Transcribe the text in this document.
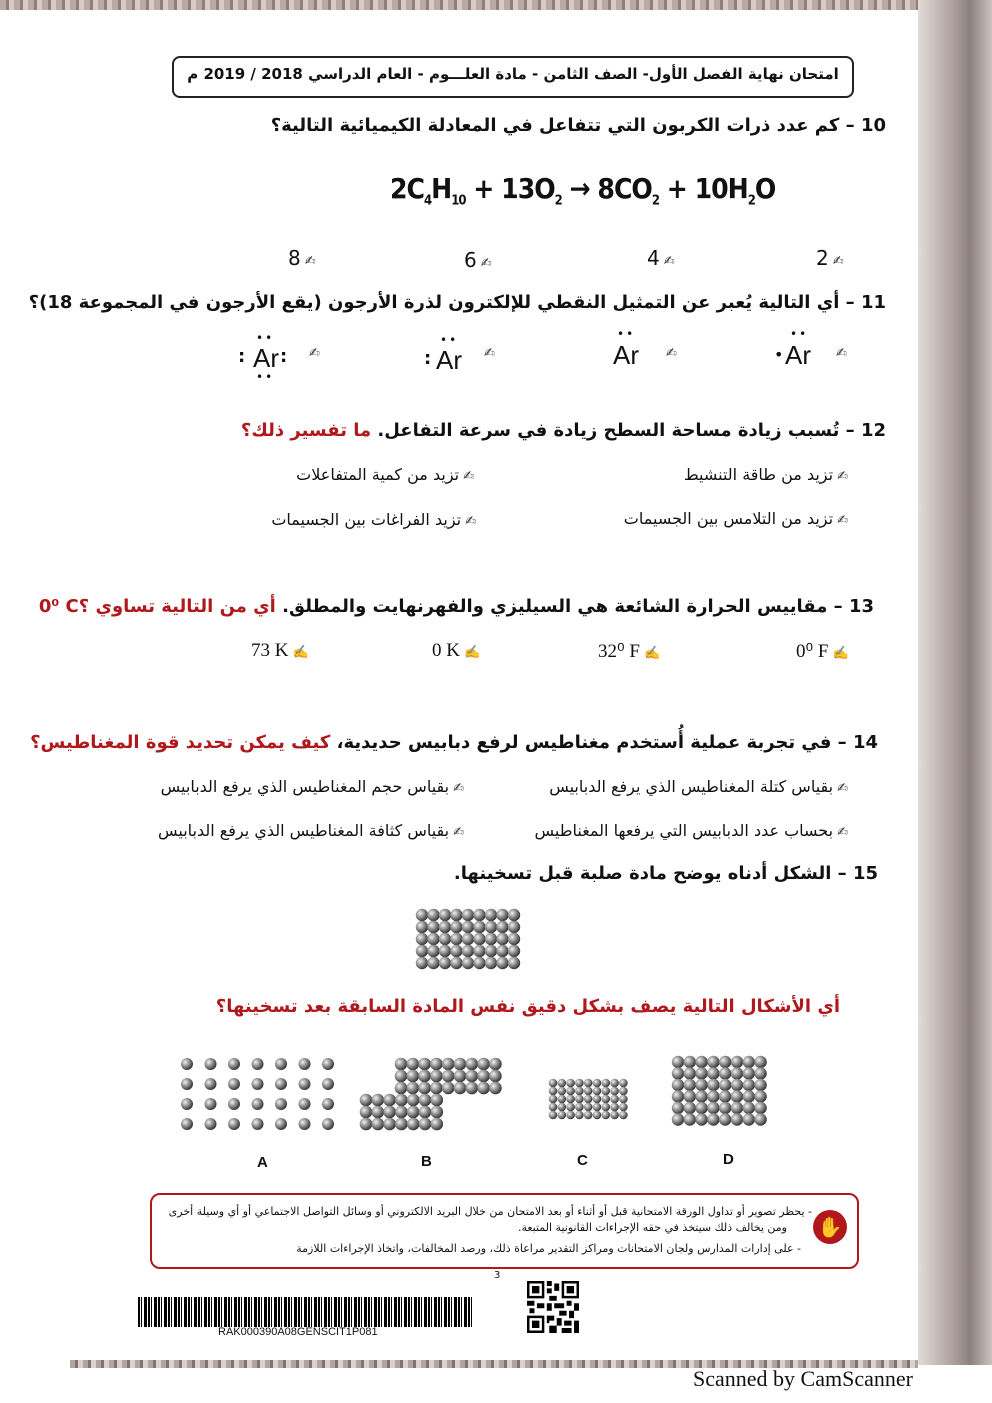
امتحان نهاية الفصل الأول- الصف الثامن - مادة العلـــوم - العام الدراسي 2018 / 2019 م
10 – كم عدد ذرات الكربون التي تتفاعل في المعادلة الكيميائية التالية؟
$2C_4H_{10} + 13O_2 \to 8CO_2 + 10H_2O$
✍2
✍4
✍6
✍8
11 – أي التالية يُعبر عن التمثيل النقطي للإلكترون لذرة الأرجون (يقع الأرجون في المجموعة 18)؟
Ar
•
••
✍
Ar
••
✍
Ar
:
••
✍
Ar
: :
••
••
✍
12 – تُسبب زيادة مساحة السطح زيادة في سرعة التفاعل. ما تفسير ذلك؟
✍تزيد من طاقة التنشيط
✍تزيد من كمية المتفاعلات
✍تزيد من التلامس بين الجسيمات
✍تزيد الفراغات بين الجسيمات
13 – مقاييس الحرارة الشائعة هي السيليزي والفهرنهايت والمطلق. أي من التالية تساوي 0⁰ C؟
0⁰ F ✍
32⁰ F ✍
0 K ✍
73 K ✍
14 – في تجربة عملية أُستخدم مغناطيس لرفع دبابيس حديدية، كيف يمكن تحديد قوة المغناطيس؟
✍بقياس كتلة المغناطيس الذي يرفع الدبابيس
✍بقياس حجم المغناطيس الذي يرفع الدبابيس
✍بحساب عدد الدبابيس التي يرفعها المغناطيس
✍بقياس كثافة المغناطيس الذي يرفع الدبابيس
15 – الشكل أدناه يوضح مادة صلبة قبل تسخينها.
أي الأشكال التالية يصف بشكل دقيق نفس المادة السابقة بعد تسخينها؟
A	B	C	D
- يحظر تصوير أو تداول الورقة الامتحانية قبل أو أثناء أو بعد الامتحان من خلال البريد الالكتروني أو وسائل التواصل الاجتماعي أو أي وسيلة أخرى
ومن يخالف ذلك سيتخذ في حقه الإجراءات القانونية المتبعة.
- على إدارات المدارس ولجان الامتحانات ومراكز التقدير مراعاة ذلك، ورصد المخالفات، واتخاذ الإجراءات اللازمة
✋
3
RAK000390A08GENSCIT1P081
Scanned by CamScanner
